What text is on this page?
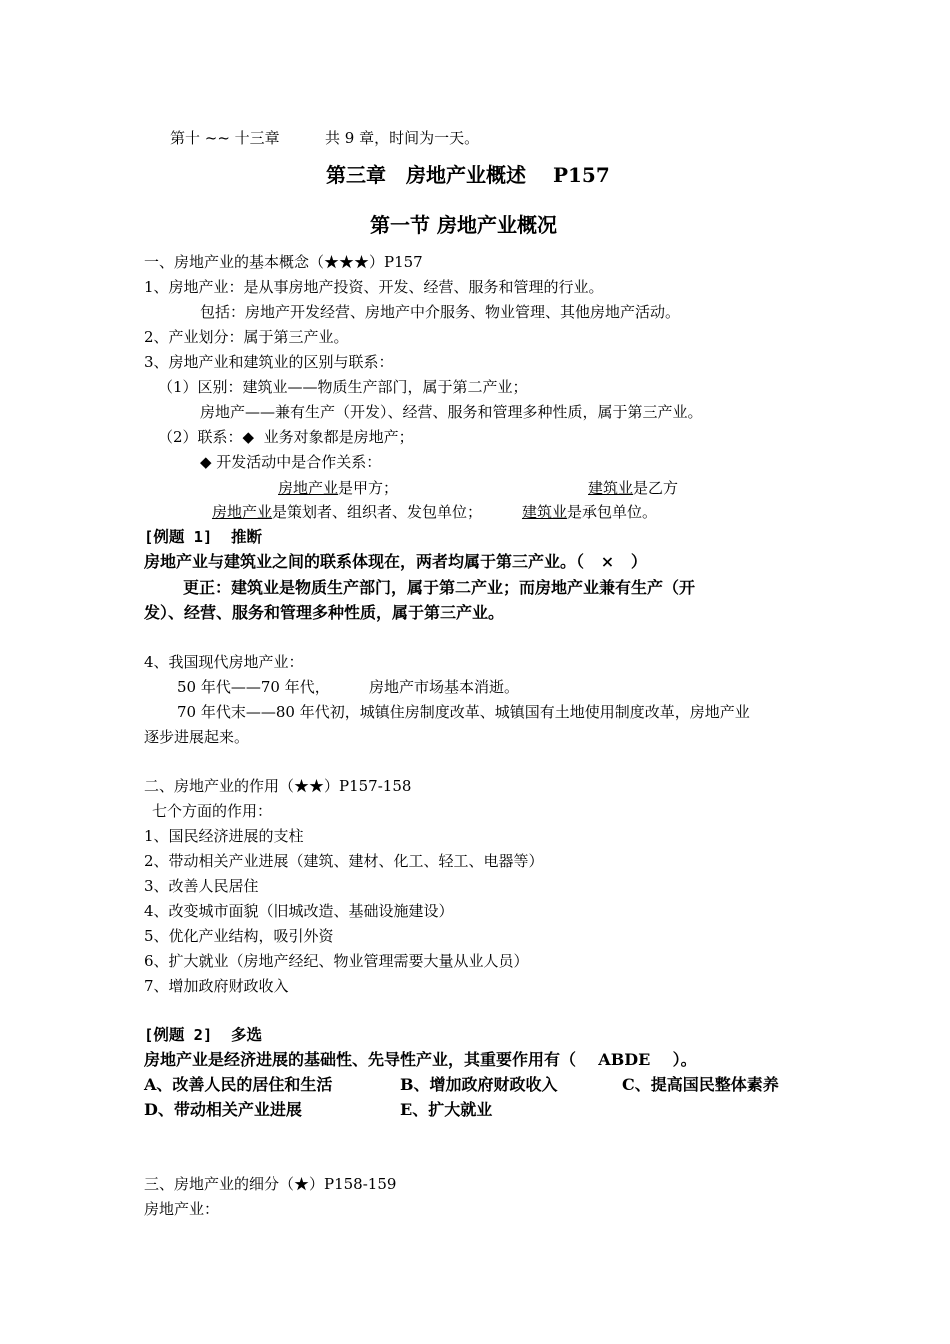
第十 ~~ 十三章	共 9 章，时间为一天。
第三章　房地产业概述　 P157
第一节 房地产业概况
一、房地产业的基本概念（★★★）P157
1、房地产业：是从事房地产投资、开发、经营、服务和管理的行业。
包括：房地产开发经营、房地产中介服务、物业管理、其他房地产活动。
2、产业划分：属于第三产业。
3、房地产业和建筑业的区别与联系：
（1）区别：建筑业——物质生产部门，属于第二产业；
房地产——兼有生产（开发）、经营、服务和管理多种性质，属于第三产业。
（2）联系：◆  业务对象都是房地产；
◆ 开发活动中是合作关系：
房地产业是甲方；	建筑业是乙方
房地产业是策划者、组织者、发包单位；	建筑业是承包单位。
[例题 1]  推断
房地产业与建筑业之间的联系体现在，两者均属于第三产业。（   ×   ）
更正：建筑业是物质生产部门，属于第二产业；而房地产业兼有生产（开
发）、经营、服务和管理多种性质，属于第三产业。
4、我国现代房地产业：
50 年代——70 年代，	房地产市场基本消逝。
70 年代末——80 年代初，城镇住房制度改革、城镇国有土地使用制度改革，房地产业
逐步进展起来。
二、房地产业的作用（★★）P157-158
七个方面的作用：
1、国民经济进展的支柱
2、带动相关产业进展（建筑、建材、化工、轻工、电器等）
3、改善人民居住
4、改变城市面貌（旧城改造、基础设施建设）
5、优化产业结构，吸引外资
6、扩大就业（房地产经纪、物业管理需要大量从业人员）
7、增加政府财政收入
[例题 2]  多选
房地产业是经济进展的基础性、先导性产业，其重要作用有（    ABDE    ）。
A、改善人民的居住和生活	B、增加政府财政收入	C、提高国民整体素养
D、带动相关产业进展	E、扩大就业
三、房地产业的细分（★）P158-159
房地产业：
